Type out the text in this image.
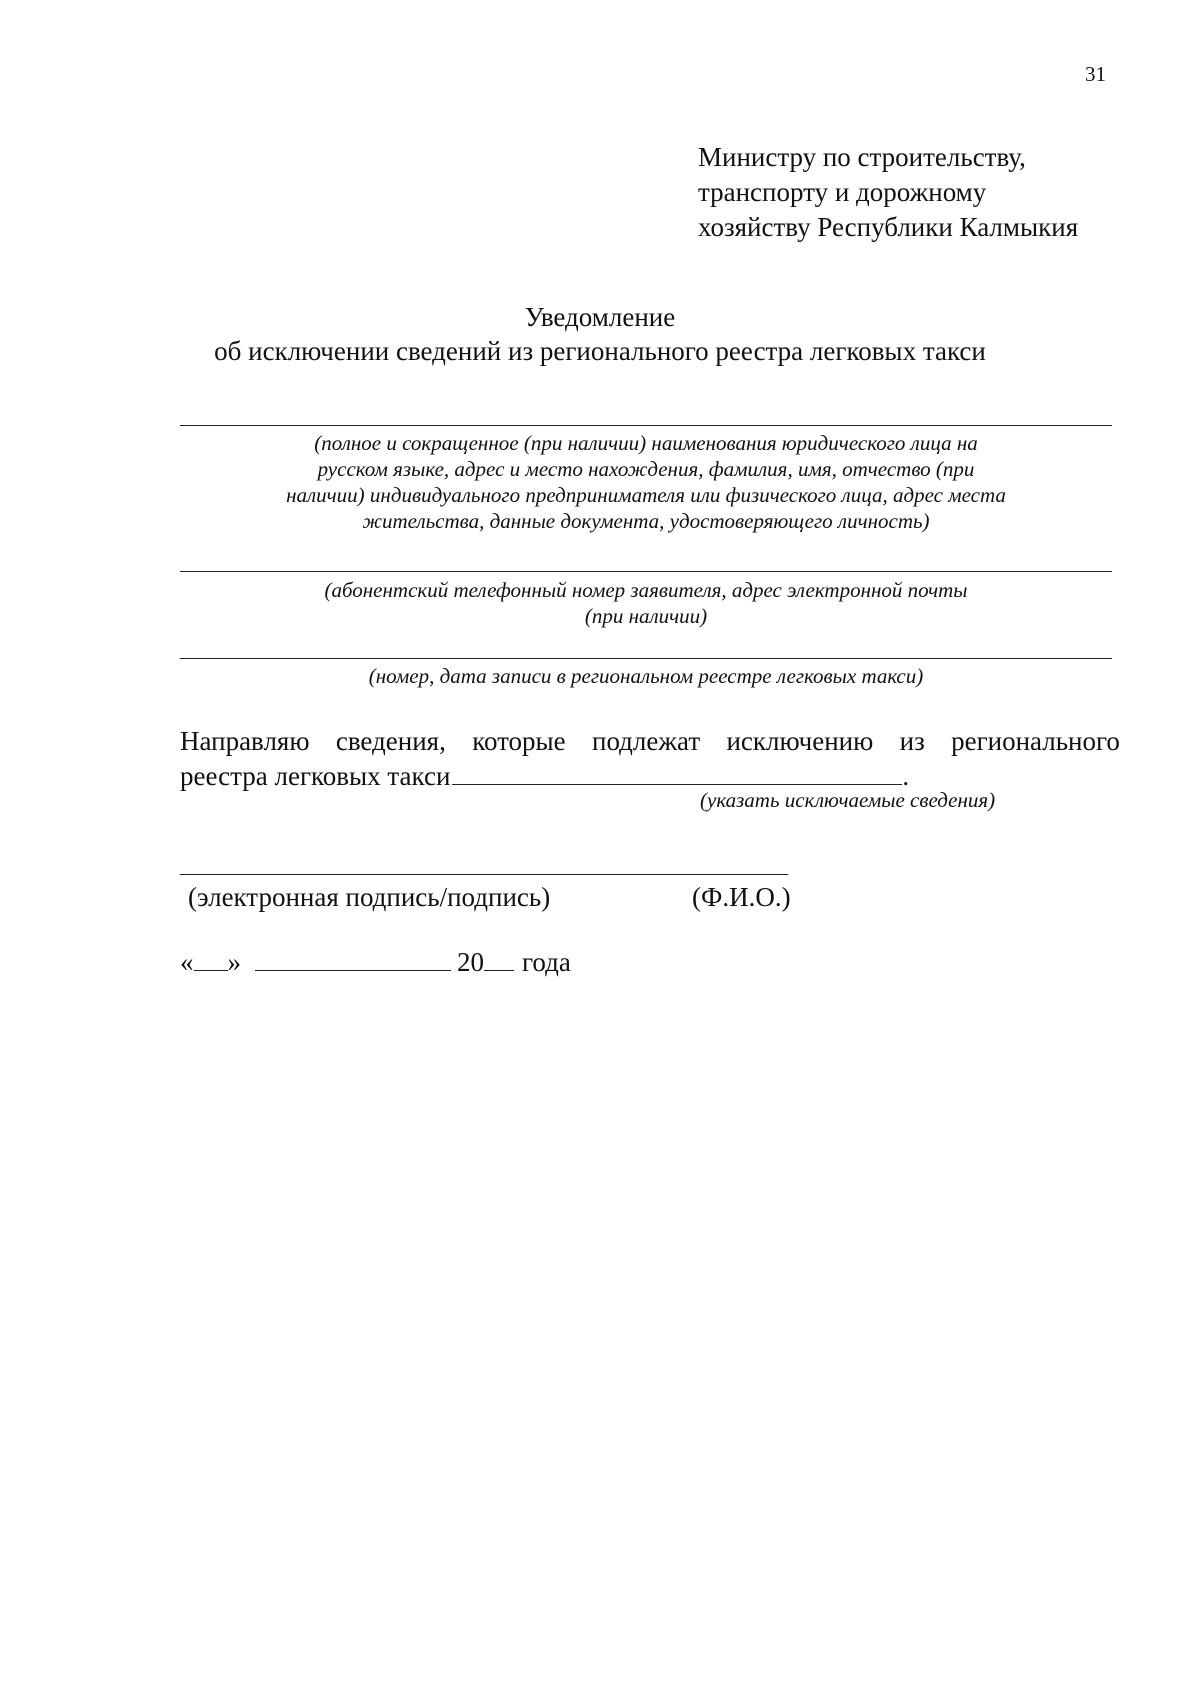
31
Министру по строительству,
транспорту и дорожному
хозяйству Республики Калмыкия
Уведомление
об исключении сведений из регионального реестра легковых такси
(полное и сокращенное (при наличии) наименования юридического лица на
русском языке, адрес и место нахождения, фамилия, имя, отчество (при
наличии) индивидуального предпринимателя или физического лица, адрес места
жительства, данные документа, удостоверяющего личность)
(абонентский телефонный номер заявителя, адрес электронной почты
(при наличии)
(номер, дата записи в региональном реестре легковых такси)
Направляю сведения, которые подлежат исключению из регионального
реестра легковых такси	.
(указать исключаемые сведения)
(электронная подпись/подпись)	(Ф.И.О.)
« »	20 года
